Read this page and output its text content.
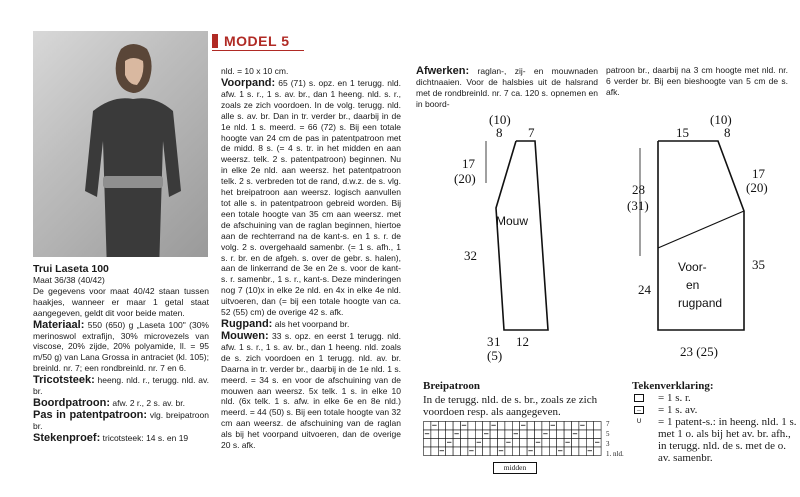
MODEL 5

Trui Laseta 100

Maat 36/38 (40/42)

De gegevens voor maat 40/42 staan tussen haakjes, wanneer er maar 1 getal staat aangegeven, geldt dit voor beide maten.

Materiaal: 550 (650) g „Laseta 100" (30% merinoswol extrafijn, 30% microvezels van viscose, 20% zijde, 20% polyamide, ll. = 95 m/50 g) van Lana Grossa in antraciet (kl. 105); breinld. nr. 7; een rondbreinld. nr. 7 en 6.

Tricotsteek: heeng. nld. r., terugg. nld. av. br.

Boordpatroon: afw. 2 r., 2 s. av. br.

Pas in patentpatroon: vlg. breipatroon br.

Stekenproef: tricotsteek: 14 s. en 19

nld. = 10 x 10 cm.

Voorpand: 65 (71) s. opz. en 1 terugg. nld. afw. 1 s. r., 1 s. av. br., dan 1 heeng. nld. s. r., zoals ze zich voordoen. In de volg. terugg. nld. alle s. av. br. Dan in tr. verder br., daarbij in de 1e nld. 1 s. meerd. = 66 (72) s. Bij een totale hoogte van 24 cm de pas in patentpatroon met de midd. 8 s. (= 4 s. tr. in het midden en aan weersz. telk. 2 s. patentpatroon) beginnen. Nu in elke 2e nld. aan weersz. het patentpatroon telk. 2 s. verbreden tot de rand, d.w.z. de s. vlg. het breipatroon aan weersz. logisch aanvullen tot alle s. in patentpatroon gebreid worden. Bij een totale hoogte van 35 cm aan weersz. met de afschuining van de raglan beginnen, hiertoe aan de rechterrand na de kant-s. en 1 s. r. de volg. 2 s. overgehaald samenbr. (= 1 s. afh., 1 s. r. br. en de afgeh. s. over de gebr. s. halen), aan de linkerrand de 3e en 2e s. voor de kant-s. r. samenbr., 1 s. r., kant-s. Deze minderingen nog 7 (10)x in elke 2e nld. en 4x in elke 4e nld. uitvoeren, dan (= bij een totale hoogte van ca. 52 (55) cm) de overige 42 s. afk.

Rugpand: als het voorpand br.

Mouwen: 33 s. opz. en eerst 1 terugg. nld. afw. 1 s. r., 1 s. av. br., dan 1 heeng. nld. zoals de s. zich voordoen en 1 terugg. nld. av. br. Daarna in tr. verder br., daarbij in de 1e nld. 1 s. meerd. = 34 s. en voor de afschuining van de mouwen aan weersz. 5x telk. 1 s. in elke 10 nld. (6x telk. 1 s. afw. in elke 6e en 8e nld.) meerd. = 44 (50) s. Bij een totale hoogte van 32 cm aan weersz. de afschuining van de raglan als bij het voorpand uitvoeren, dan de overige 20 s. afk.

Afwerken: raglan-, zij- en mouwnaden dichtnaaien. Voor de halsbies uit de halsrand met de rondbreinld. nr. 7 ca. 120 s. opnemen en in boord-

patroon br., daarbij na 3 cm hoogte met nld. nr. 6 verder br. Bij een bieshoogte van 5 cm de s. afk.

(10)
8 7
17
(20)
Mouw
32
3 1
(5)
12
(10)
15	8
28
(31)
24
17
(20)
35
Voor-
en
rugpand
23 (25)
Breipatroon
In de terugg. nld. de s. br., zoals ze zich voordoen resp. als aangegeven.
7
5
3
1. nld.
midden

Tekenverklaring:

= 1 s. r.
– = 1 s. av.
∪ = 1 patent-s.: in heeng. nld. 1 s. met 1 o. als bij het av. br. afh., in terugg. nld. de s. met de o. av. samenbr.
